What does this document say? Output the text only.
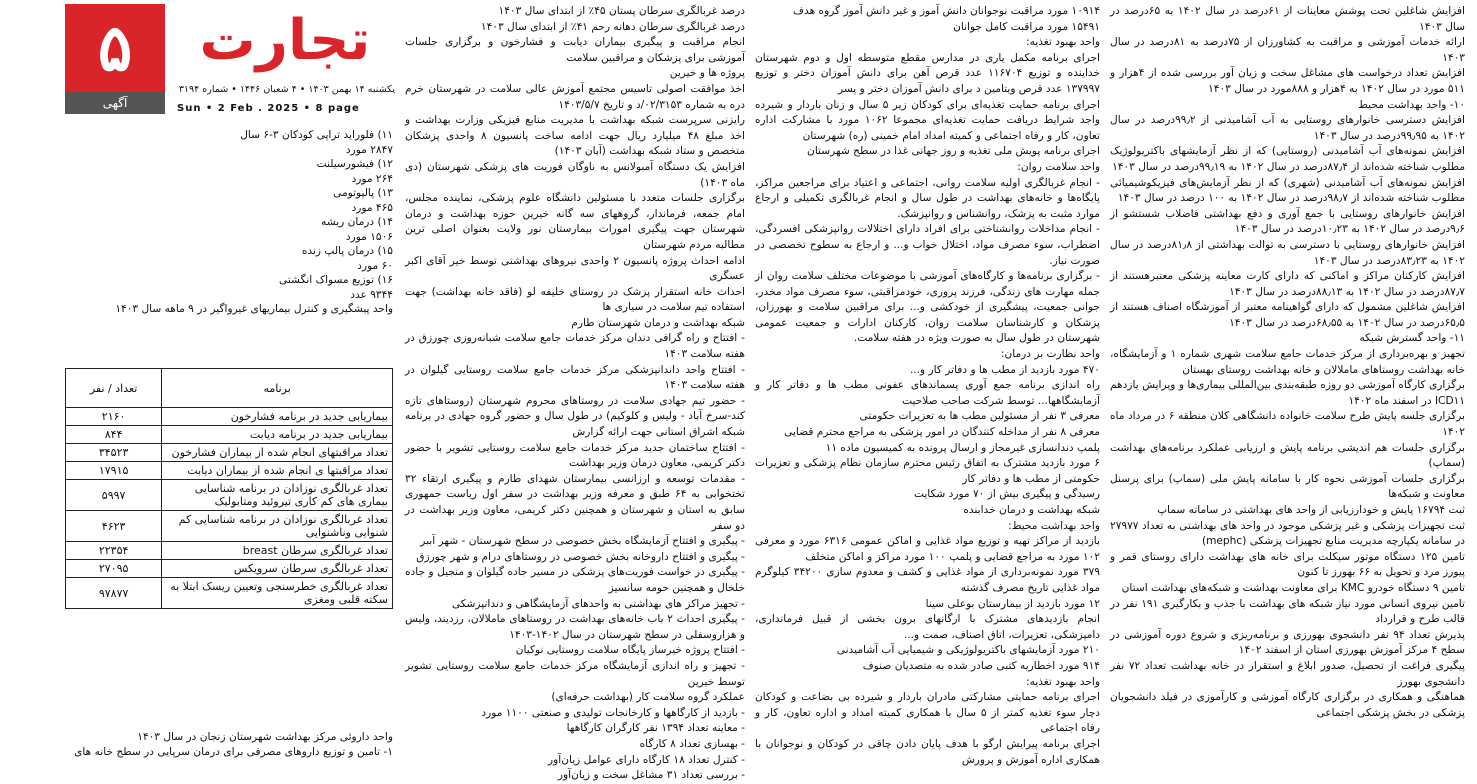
۵
آگهی
تجارت
یکشنبه ۱۴ بهمن ۱۴۰۳ • ۴ شعبان ۱۴۴۶ • شماره ۳۱۹۴
Sun • 2 Feb . 2025 • 8 page
افزایش شاغلین تحت پوشش معاینات از ۶۱درصد در سال ۱۴۰۲ به ۶۵درصد در سال ۱۴۰۳
ارائه خدمات آموزشی و مراقبت به کشاورزان از ۷۵درصد به ۸۱درصد در سال ۱۴۰۳
افزایش تعداد درخواست های مشاغل سخت و زیان آور بررسی شده از ۴هزار و ۵۱۱ مورد در سال ۱۴۰۲ به ۴هزار و ۸۸۸مورد در سال ۱۴۰۳
۱۰- واحد بهداشت محیط
افزایش دسترسی خانوارهای روستایی به آب آشامیدنی از ۹۹٫۲درصد در سال ۱۴۰۲ به ۹۹٫۹۵درصد در سال ۱۴۰۳
افزایش نمونه‌های آب آشامیدنی (روستایی) که از نظر آزمایشهای باکتریولوژیک مطلوب شناخته شده‌اند از ۸۷٫۴درصد در سال ۱۴۰۲ به ۹۹٫۱۹درصد در سال ۱۴۰۳
افزایش نمونه‌های آب آشامیدنی (شهری) که از نظر آزمایش‌های فیزیکوشیمیائی مطلوب شناخته شده‌اند از ۹۸٫۷درصد در سال ۱۴۰۲ به ۱۰۰ درصد در سال ۱۴۰۳
افزایش خانوارهای روستایی با جمع آوری و دفع بهداشتی فاضلاب شستشو از ۹٫۶درصد در سال ۱۴۰۲ به ۱۰٫۲۳درصد در سال ۱۴۰۳
افزایش خانوارهای روستایی با دسترسی به توالت بهداشتی از ۸۱٫۸درصد در سال ۱۴۰۲ به ۸۳٫۲۳درصد در سال ۱۴۰۳
افزایش کارکنان مراکز و اماکنی که دارای کارت معاینه پزشکی معتبرهستند از ۸۷٫۷درصد در سال ۱۴۰۲ به ۸۸٫۱۳درصد در سال ۱۴۰۳
افزایش شاغلین مشمول که دارای گواهینامه معتبر از آموزشگاه اصناف هستند از ۶۵٫۵درصد در سال ۱۴۰۲ به ۶۸٫۵۵درصد در سال ۱۴۰۳
۱۱- واحد گسترش شبکه
تجهیز و بهره‌برداری از مرکز خدمات جامع سلامت شهری شماره ۱ و آزمایشگاه، خانه بهداشت روستاهای ماملالان و خانه بهداشت روستای بهستان
برگزاری کارگاه آموزشی دو روزه طبقه‌بندی بین‌المللی بیماری‌ها و ویرایش یازدهم ICD۱۱ در اسفند ماه ۱۴۰۲
برگزاری جلسه پایش طرح سلامت خانواده دانشگاهی کلان منطقه ۶ در مرداد ماه ۱۴۰۲
برگزاری جلسات هم اندیشی برنامه پایش و ارزیابی عملکرد برنامه‌های بهداشت (سماپ)
برگزاری جلسات آموزشی نحوه کار با سامانه پایش ملی (سماپ) برای پرسنل معاونت و شبکه‌ها
ثبت ۱۶۷۹۴ پایش و خودارزیابی از واحد های بهداشتی در سامانه سماپ
ثبت تجهیزات پزشکی و غیر پزشکی موجود در واحد های بهداشتی به تعداد ۲۷۹۷۷ در سامانه یکپارچه مدیریت منابع تجهیزات پزشکی (mephc)
تامین ۱۲۵ دستگاه موتور سیکلت برای خانه های بهداشت دارای روستای قمر و پیورز مرد و تحویل به ۶۶ بهورز تا کنون
تامین ۹ دستگاه خودرو KMC برای معاونت بهداشت و شبکه‌های بهداشت استان
تامین نیروی انسانی مورد نیاز شبکه های بهداشت با جذب و بکارگیری ۱۹۱ نفر در قالب طرح و قرارداد
پذیرش تعداد ۹۴ نفر دانشجوی بهورزی و برنامه‌ریزی و شروع دوره آموزشی در سطح ۴ مرکز آموزش بهورزی استان از اسفند ۱۴۰۲
پیگیری فراغت از تحصیل، صدور ابلاغ و استقرار در خانه بهداشت تعداد ۷۲ نفر دانشجوی بهورز
هماهنگی و همکاری در برگزاری کارگاه آموزشی و کارآموزی در فیلد دانشجویان پزشکی در بخش پزشکی اجتماعی
۱۰۹۱۴ مورد مراقبت نوجوانان دانش آموز و غیر دانش آموز گروه هدف
۱۵۴۹۱ مورد مراقبت کامل جوانان
واحد بهبود تغذیه:
اجرای برنامه مکمل یاری در مدارس مقطع متوسطه اول و دوم شهرستان خداینده و توزیع ۱۱۶۷۰۴ عدد قرص آهن برای دانش آموزان دختر و توزیع ۱۳۷۹۹۷ عدد قرص ویتامین د برای دانش آموزان دختر و پسر
اجرای برنامه حمایت تغذیه‌ای برای کودکان زیر ۵ سال و زنان باردار و شیرده واجد شرایط دریافت حمایت تغذیه‌ای مجموعا ۱۰۶۲ مورد با مشارکت اداره تعاون، کار و رفاه اجتماعی و کمیته امداد امام خمینی (ره) شهرستان
اجرای برنامه پویش ملی تغذیه و روز جهانی غذا در سطح شهرستان
واحد سلامت روان:
- انجام غربالگری اولیه سلامت روانی، اجتماعی و اعتیاد برای مراجعین مراکز، پایگاه‌ها و خانه‌های بهداشت در طول سال و انجام غربالگری تکمیلی و ارجاع موارد مثبت به پزشک، روانشناس و روانپزشک.
- انجام مداخلات روانشناختی برای افراد دارای اختلالات روانپزشکی افسردگی، اضطراب، سوء مصرف مواد، اختلال خواب و... و ارجاع به سطوح تخصصی در صورت نیاز.
- برگزاری برنامه‌ها و کارگاه‌های آموزشی با موضوعات مختلف سلامت روان از جمله مهارت های زندگی، فرزند پروری، خودمراقبتی، سوء مصرف مواد مخدر، جوانی جمعیت، پیشگیری از خودکشی و... برای مراقبین سلامت و بهورزان، پزشکان و کارشناسان سلامت روان، کارکنان ادارات و جمعیت عمومی شهرستان در طول سال به صورت ویژه در هفته سلامت.
واحد نظارت بر درمان:
۴۷۰ مورد بازدید از مطب ها و دفاتر کار و...
راه اندازی برنامه جمع آوری پسماندهای عفونی مطب ها و دفاتر کار و آزمایشگاهها... توسط شرکت صاحب صلاحیت
معرفی ۳ نفر از مسئولین مطب ها به تعزیرات حکومتی
معرفی ۸ نفر از مداخله کنندگان در امور پزشکی به مراجع محترم قضایی
پلمپ دندانسازی غیرمجاز و ارسال پرونده به کمیسیون ماده ۱۱
۶ مورد بازدید مشترک به اتفاق رئیس محترم سازمان نظام پزشکی و تعزیرات حکومتی از مطب ها و دفاتر کار
رسیدگی و پیگیری بیش از ۷۰ مورد شکایت
شبکه بهداشت و درمان خدابنده
واحد بهداشت محیط:
بازدید از مراکز تهیه و توزیع مواد غذایی و اماکن عمومی ۶۳۱۶ مورد و معرفی ۱۰۲ مورد به مراجع قضایی و پلمپ ۱۰۰ مورد مراکز و اماکن متخلف
۳۷۹ مورد نمونه‌برداری از مواد غذایی و کشف و معدوم سازی ۳۴۲۰۰ کیلوگرم مواد غذایی تاریخ مصرف گذشته
۱۲ مورد بازدید از بیمارستان بوعلی سینا
انجام بازدیدهای مشترک با ارگانهای برون بخشی از قبیل فرمانداری، دامپزشکی، تعزیرات، اتاق اصناف، صمت و...
۲۱۰ مورد آزمایشهای باکتریولوژیکی و شیمیایی آب آشامیدنی
۹۱۴ مورد اخطاریه کتبی صادر شده به متصدیان صنوف
واحد بهبود تغذیه:
اجرای برنامه حمایتی مشارکتی مادران باردار و شیرده بی بضاعت و کودکان دچار سوء تغذیه کمتر از ۵ سال با همکاری کمیته امداد و اداره تعاون، کار و رفاه اجتماعی
اجرای برنامه پیرایش ارگو با هدف پایان دادن چاقی در کودکان و نوجوانان با همکاری اداره آموزش و پرورش
درصد غربالگری سرطان پستان ۴۵٪ از ابتدای سال ۱۴۰۳
درصد غربالگری سرطان دهانه رحم ۴۱٪ از ابتدای سال ۱۴۰۳
انجام مراقبت و پیگیری بیماران دیابت و فشارخون و برگزاری جلسات آموزشی برای پزشکان و مراقبین سلامت
پروژه ها و خیرین
اخذ موافقت اصولی تاسیس مجتمع آموزش عالی سلامت در شهرستان خرم دره به شماره ۰۲/۳۱۵۳/د و تاریخ ۱۴۰۳/۵/۷
رایزنی سرپرست شبکه بهداشت با مدیریت منابع فیزیکی وزارت بهداشت و اخذ مبلغ ۴۸ میلیارد ریال جهت ادامه ساخت پانسیون ۸ واحدی پزشکان متخصص و ستاد شبکه بهداشت (آبان ۱۴۰۳)
افزایش یک دستگاه آمبولانس به ناوگان فوریت های پزشکی شهرستان (دی ماه ۱۴۰۳)
برگزاری جلسات متعدد با مسئولین دانشگاه علوم پزشکی، نماینده مجلس، امام جمعه، فرماندار، گروههای سه گانه خیرین حوزه بهداشت و درمان شهرستان جهت پیگیری امورات بیمارستان نور ولایت بعنوان اصلی ترین مطالبه مردم شهرستان
ادامه احداث پروژه پانسیون ۲ واحدی نیروهای بهداشتی توسط خیر آقای اکبر عسگری
احداث خانه استقرار پزشک در روستای خلیفه لو (فاقد خانه بهداشت) جهت استفاده تیم سلامت در سیاری ها
شبکه بهداشت و درمان شهرستان طارم
- افتتاح و راه گرافی دندان مرکز خدمات جامع سلامت شبانه‌روزی چورزق در هفته سلامت ۱۴۰۳
- افتتاح واحد داندانپزشکی مرکز خدمات جامع سلامت روستایی گیلوان در هفته سلامت ۱۴۰۳
- حضور تیم جهادی سلامت در روستاهای محروم شهرستان (روستاهای تازه کند-سرخ آباد - ولیس و کلوکیم) در طول سال و حضور گروه جهادی در برنامه شبکه اشراق استانی جهت ارائه گزارش
- افتتاح ساختمان جدید مرکز خدمات جامع سلامت روستایی تشویر با حضور دکتر کریمی، معاون درمان وزیر بهداشت
- مقدمات توسعه و ارزانسی بیمارستان شهدای طارم و پیگیری ارتقاء ۳۲ تختخوابی به ۶۴ طبق و معرفه وزیر بهداشت در سفر اول ریاست جمهوری سابق به استان و شهرستان و همچنین دکتر کریمی، معاون وزیر بهداشت در دو سفر
- پیگیری و افتتاح آزمایشگاه بخش خصوصی در سطح شهرستان - شهر آببر
- پیگیری و افتتاح داروخانه بخش خصوصی در روستاهای درام و شهر چورزق
- پیگیری در خواست فوریت‌های پزشکی در مسیر جاده گیلوان و منجیل و جاده خلخال و همچنین حومه سانسیز
- تجهیز مراکز های بهداشتی به واحدهای آزمایشگاهی و دندانپزشکی
- پیگیری احداث ۲ باب خانه‌های بهداشت در روستاهای ماملالان، رزدیند، ولیس و هزاروسفلی در سطح شهرستان در سال ۱۴۰۲-۱۴۰۳
- افتتاح پروژه خیرساز پایگاه سلامت روستایی نوکیان
- تجهیز و راه اندازی آزمایشگاه مرکز خدمات جامع سلامت روستایی تشویر توسط خیرین
عملکرد گروه سلامت کار (بهداشت حرفه‌ای)
- بازدید از کارگاهها و کارخانجات تولیدی و صنعتی ۱۱۰۰ مورد
- معاینه تعداد ۱۳۹۴ نفر کارگران کارگاهها
- بهسازی تعداد ۸ کارگاه
- کنترل تعداد ۱۸ کارگاه دارای عوامل زیان‌آور
- بررسی تعداد ۳۱ مشاغل سخت و زیان‌آور
۱۱) فلوراید تراپی کودکان ۳-۶ سال
۲۸۴۷ مورد
۱۲) فیشورسیلنت
۲۶۴ مورد
۱۳) پالپوتومی
۴۶۵ مورد
۱۴) درمان ریشه
۱۵۰۶ مورد
۱۵) درمان پالپ زنده
۶۰ مورد
۱۶) توزیع مسواک انگشتی
۹۳۴۴ عدد
واحد پیشگیری و کنترل بیماریهای غیرواگیر در ۹ ماهه سال ۱۴۰۳
برنامه	تعداد / نفر
بیماریابی جدید در برنامه فشارخون	۲۱۶۰
بیماریابی جدید در برنامه دیابت	۸۴۴
تعداد مراقبتهای انجام شده از بیماران فشارخون	۳۴۵۲۳
تعداد مراقبتها ی انجام شده از بیماران دیابت	۱۷۹۱۵
تعداد غربالگری نوزادان در برنامه شناسایی بیماری های کم کاری تیروئید ومتابولیک	۵۹۹۷
تعداد غربالگری نوزادان در برنامه شناسایی کم شنوایی وناشنوایی	۴۶۲۳
تعداد غربالگری سرطان breast	۲۲۳۵۴
تعداد غربالگری سرطان سرویکس	۲۷۰۹۵
تعداد غربالگری خطرسنجی وتعیین ریسک ابتلا به سکته قلبی ومغزی	۹۷۸۷۷
واحد داروئی مرکز بهداشت شهرستان زنجان در سال ۱۴۰۳
۱- تامین و توزیع داروهای مصرفی برای درمان سرپایی در سطح خانه های
